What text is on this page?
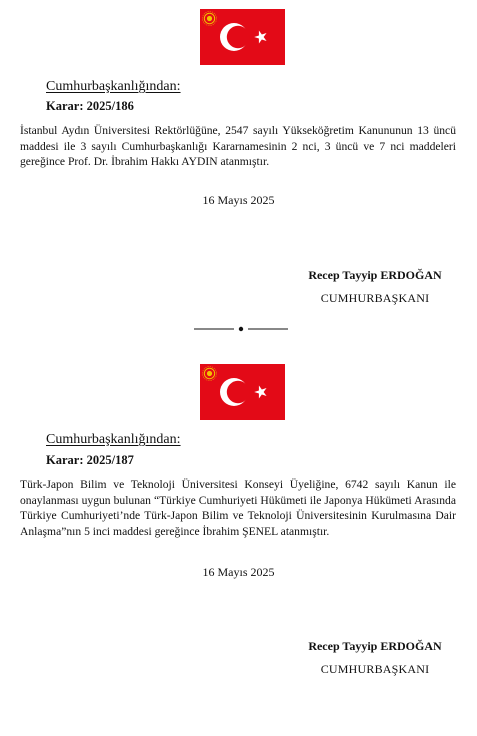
Cumhurbaşkanlığından:
Karar: 2025/186
İstanbul Aydın Üniversitesi Rektörlüğüne, 2547 sayılı Yükseköğretim Kanununun 13 üncü maddesi ile 3 sayılı Cumhurbaşkanlığı Kararnamesinin 2 nci, 3 üncü ve 7 nci maddeleri gereğince Prof. Dr. İbrahim Hakkı AYDIN atanmıştır.
16 Mayıs 2025
Recep Tayyip ERDOĞAN
CUMHURBAŞKANI
Cumhurbaşkanlığından:
Karar: 2025/187
Türk-Japon Bilim ve Teknoloji Üniversitesi Konseyi Üyeliğine, 6742 sayılı Kanun ile onaylanması uygun bulunan “Türkiye Cumhuriyeti Hükümeti ile Japonya Hükümeti Arasında Türkiye Cumhuriyeti’nde Türk-Japon Bilim ve Teknoloji Üniversitesinin Kurulmasına Dair Anlaşma”nın 5 inci maddesi gereğince İbrahim ŞENEL atanmıştır.
16 Mayıs 2025
Recep Tayyip ERDOĞAN
CUMHURBAŞKANI
